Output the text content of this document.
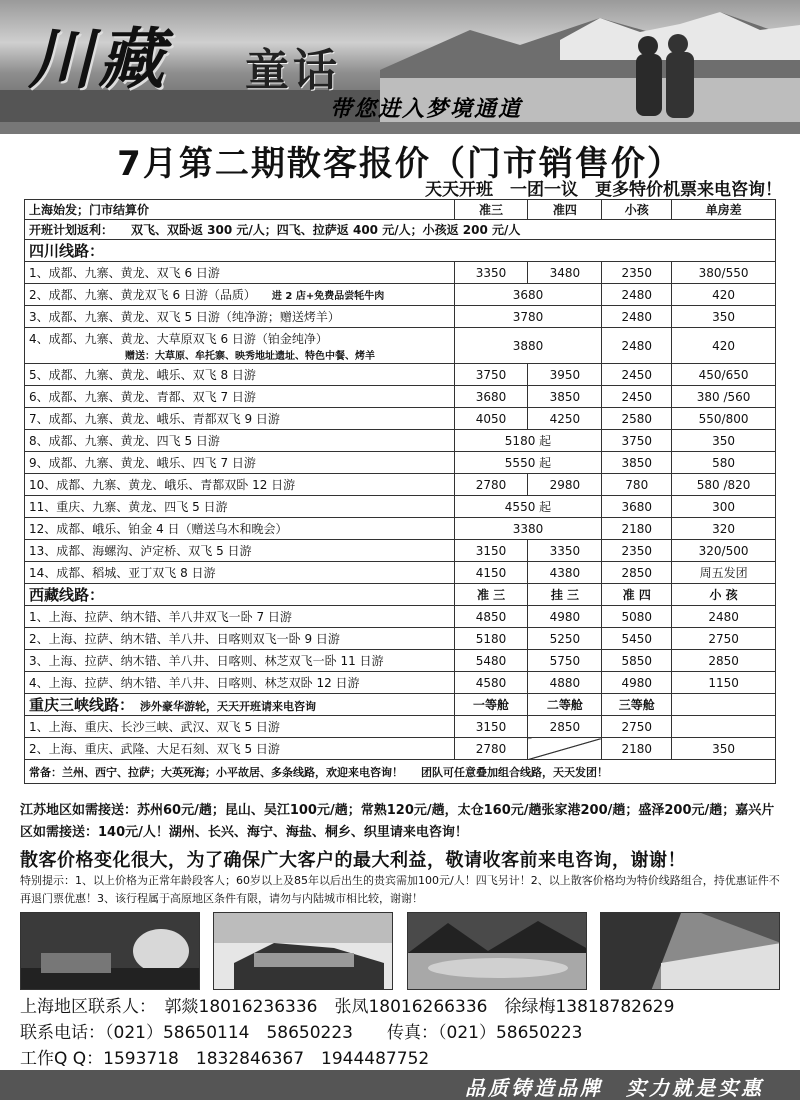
川藏 童话
带您进入梦境通道
7月第二期散客报价（门市销售价）
天天开班　一团一议　更多特价机票来电咨询！
上海始发；门市结算价	准三	准四	小孩	单房差
开班计划返利：　　双飞、双卧返 300 元/人；四飞、拉萨返 400 元/人；小孩返 200 元/人				
四川线路：				
1、成都、九寨、黄龙、双飞 6 日游	3350	3480	2350	380/550
2、成都、九寨、黄龙双飞 6 日游（品质） 进 2 店+免费品尝牦牛肉	3680		2480	420
3、成都、九寨、黄龙、双飞 5 日游（纯净游；赠送烤羊）	3780		2480	350
4、成都、九寨、黄龙、大草原双飞 6 日游（铂金纯净）
赠送：大草原、牟托寨、映秀地址遗址、特色中餐、烤羊	3880		2480	420
5、成都、九寨、黄龙、峨乐、双飞 8 日游	3750	3950	2450	450/650
6、成都、九寨、黄龙、青都、双飞 7 日游	3680	3850	2450	380 /560
7、成都、九寨、黄龙、峨乐、青都双飞 9 日游	4050	4250	2580	550/800
8、成都、九寨、黄龙、四飞 5 日游	5180 起		3750	350
9、成都、九寨、黄龙、峨乐、四飞 7 日游	5550 起		3850	580
10、成都、九寨、黄龙、峨乐、青都双卧 12 日游	2780	2980	780	580 /820
11、重庆、九寨、黄龙、四飞 5 日游	4550 起		3680	300
12、成都、峨乐、铂金 4 日（赠送乌木和晚会）	3380		2180	320
13、成都、海螺沟、泸定桥、双飞 5 日游	3150	3350	2350	320/500
14、成都、稻城、亚丁双飞 8 日游	4150	4380	2850	周五发团
西藏线路：	准 三	挂 三	准 四	小 孩
1、上海、拉萨、纳木错、羊八井双飞一卧 7 日游	4850	4980	5080	2480
2、上海、拉萨、纳木错、羊八井、日喀则双飞一卧 9 日游	5180	5250	5450	2750
3、上海、拉萨、纳木错、羊八井、日喀则、林芝双飞一卧 11 日游	5480	5750	5850	2850
4、上海、拉萨、纳木错、羊八井、日喀则、林芝双卧 12 日游	4580	4880	4980	1150
重庆三峡线路： 涉外豪华游轮，天天开班请来电咨询	一等舱	二等舱	三等舱	
1、上海、重庆、长沙三峡、武汉、双飞 5 日游	3150	2850	2750	
2、上海、重庆、武隆、大足石刻、双飞 5 日游	2780		2180	350
常备：兰州、西宁、拉萨；大英死海；小平故居、多条线路，欢迎来电咨询！ 团队可任意叠加组合线路，天天发团！				
江苏地区如需接送：苏州60元/趟；昆山、吴江100元/趟；常熟120元/趟，太仓160元/趟张家港200/趟；盛泽200元/趟；嘉兴片区如需接送：140元/人！湖州、长兴、海宁、海盐、桐乡、织里请来电咨询！
散客价格变化很大，为了确保广大客户的最大利益，敬请收客前来电咨询，谢谢！
特别提示：1、以上价格为正常年龄段客人；60岁以上及85年以后出生的贵宾需加100元/人！四飞另计！2、以上散客价格均为特价线路组合，持优惠证件不再退门票优惠！3、该行程属于高原地区条件有限，请勿与内陆城市相比较，谢谢！
上海地区联系人：　郭燚18016236336　张凤18016266336　徐绿梅13818782629
联系电话：（021）58650114　58650223　　传真：（021）58650223
工作Q Q：1593718　1832846367　1944487752
品质铸造品牌　实力就是实惠
